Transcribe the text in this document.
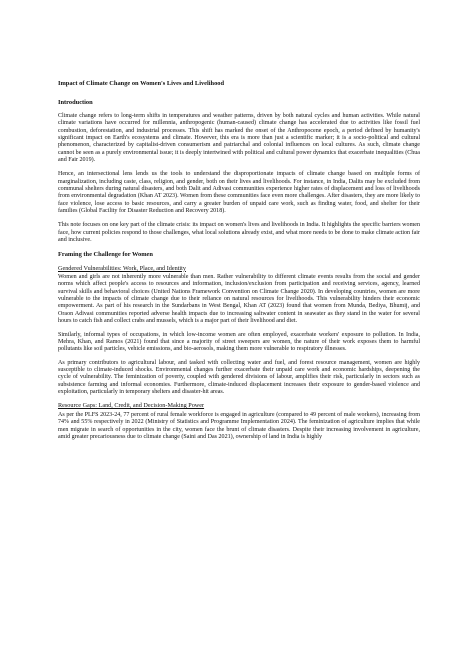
Impact of Climate Change on Women's Lives and Livelihood
Introduction

Climate change refers to long-term shifts in temperatures and weather patterns, driven by both natural cycles and human activities. While natural climate variations have occurred for millennia, anthropogenic (human-caused) climate change has accelerated due to activities like fossil fuel combustion, deforestation, and industrial processes. This shift has marked the onset of the Anthropocene epoch, a period defined by humanity's significant impact on Earth's ecosystems and climate. However, this era is more than just a scientific marker; it is a socio-political and cultural phenomenon, characterized by capitalist-driven consumerism and patriarchal and colonial influences on local cultures. As such, climate change cannot be seen as a purely environmental issue; it is deeply intertwined with political and cultural power dynamics that exacerbate inequalities (Chua and Fair 2019).

Hence, an intersectional lens lends us the tools to understand the disproportionate impacts of climate change based on multiple forms of marginalization, including caste, class, religion, and gender, both on their lives and livelihoods. For instance, in India, Dalits may be excluded from communal shelters during natural disasters, and both Dalit and Adivasi communities experience higher rates of displacement and loss of livelihoods from environmental degradation (Khan AT 2023). Women from these communities face even more challenges. After disasters, they are more likely to face violence, lose access to basic resources, and carry a greater burden of unpaid care work, such as finding water, food, and shelter for their families (Global Facility for Disaster Reduction and Recovery 2018).

This note focuses on one key part of the climate crisis: its impact on women's lives and livelihoods in India. It highlights the specific barriers women face, how current policies respond to those challenges, what local solutions already exist, and what more needs to be done to make climate action fair and inclusive.

Framing the Challenge for Women
Gendered Vulnerabilities: Work, Place, and Identity

Women and girls are not inherently more vulnerable than men. Rather vulnerability to different climate events results from the social and gender norms which affect people's access to resources and information, inclusion/exclusion from participation and receiving services, agency, learned survival skills and behavioral choices (United Nations Framework Convention on Climate Change 2020). In developing countries, women are more vulnerable to the impacts of climate change due to their reliance on natural resources for livelihoods. This vulnerability hinders their economic empowerment. As part of his research in the Sundarbans in West Bengal, Khan AT (2023) found that women from Munda, Bediya, Bhumij, and Oraon Adivasi communities reported adverse health impacts due to increasing saltwater content in seawater as they stand in the water for several hours to catch fish and collect crabs and mussels, which is a major part of their livelihood and diet.

Similarly, informal types of occupations, in which low-income women are often employed, exacerbate workers' exposure to pollution. In India, Mehra, Khan, and Ramos (2021) found that since a majority of street sweepers are women, the nature of their work exposes them to harmful pollutants like soil particles, vehicle emissions, and bio-aerosols, making them more vulnerable to respiratory illnesses.

As primary contributors to agricultural labour, and tasked with collecting water and fuel, and forest resource management, women are highly susceptible to climate-induced shocks. Environmental changes further exacerbate their unpaid care work and economic hardships, deepening the cycle of vulnerability. The feminization of poverty, coupled with gendered divisions of labour, amplifies their risk, particularly in sectors such as subsistence farming and informal economies. Furthermore, climate-induced displacement increases their exposure to gender-based violence and exploitation, particularly in temporary shelters and disaster-hit areas.

Resource Gaps: Land, Credit, and Decision-Making Power

As per the PLFS 2023-24, 77 percent of rural female workforce is engaged in agriculture (compared to 49 percent of male workers), increasing from 74% and 55% respectively in 2022 (Ministry of Statistics and Programme Implementation 2024). The feminization of agriculture implies that while men migrate in search of opportunities in the city, women face the brunt of climate disasters. Despite their increasing involvement in agriculture, amid greater precariousness due to climate change (Saini and Das 2021), ownership of land in India is highly
